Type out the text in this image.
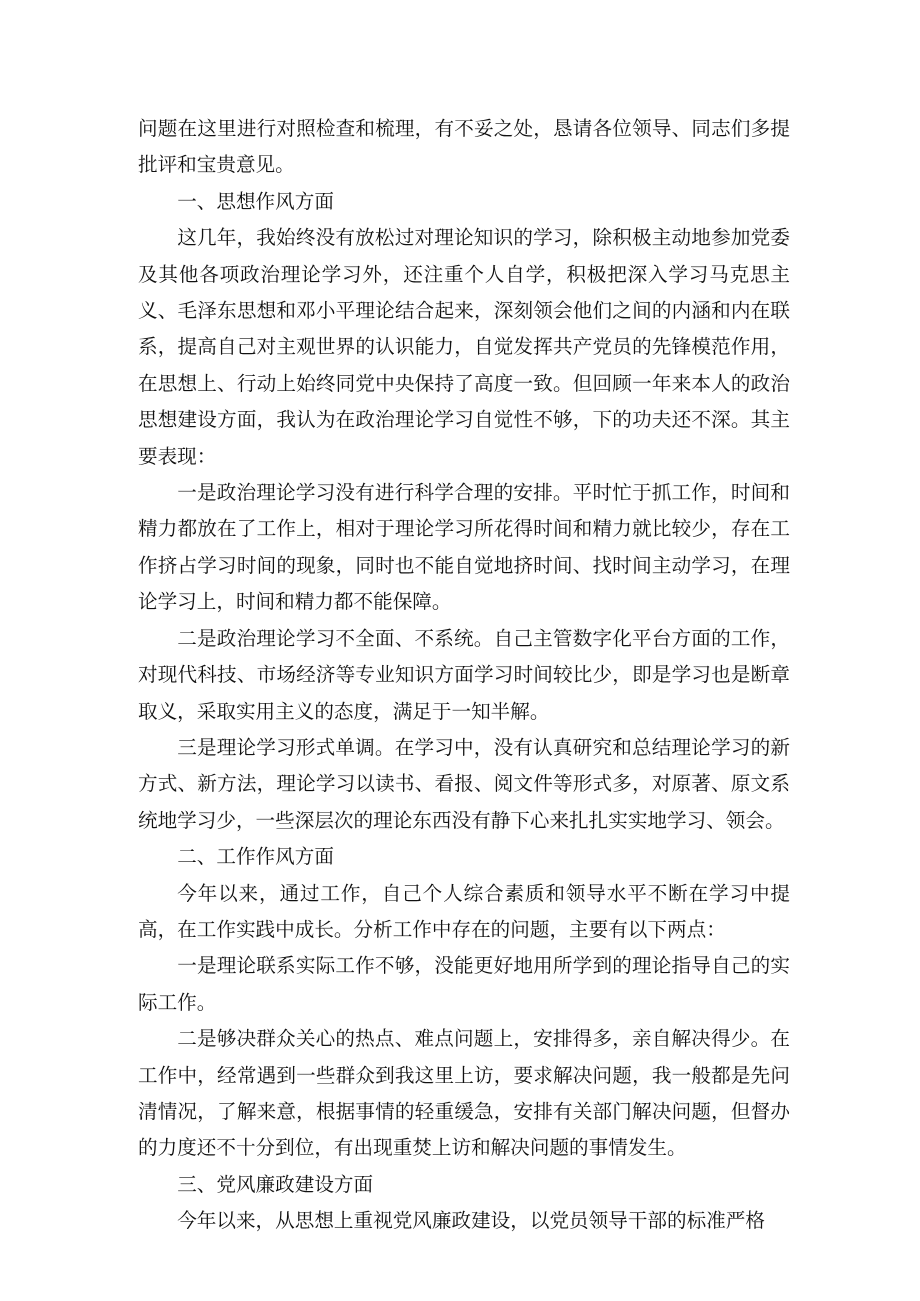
问题在这里进行对照检查和梳理，有不妥之处，恳请各位领导、同志们多提批评和宝贵意见。

一、思想作风方面

这几年，我始终没有放松过对理论知识的学习，除积极主动地参加党委及其他各项政治理论学习外，还注重个人自学，积极把深入学习马克思主义、毛泽东思想和邓小平理论结合起来，深刻领会他们之间的内涵和内在联系，提高自己对主观世界的认识能力，自觉发挥共产党员的先锋模范作用，在思想上、行动上始终同党中央保持了高度一致。但回顾一年来本人的政治思想建设方面，我认为在政治理论学习自觉性不够，下的功夫还不深。其主要表现：

一是政治理论学习没有进行科学合理的安排。平时忙于抓工作，时间和精力都放在了工作上，相对于理论学习所花得时间和精力就比较少，存在工作挤占学习时间的现象，同时也不能自觉地挤时间、找时间主动学习，在理论学习上，时间和精力都不能保障。

二是政治理论学习不全面、不系统。自己主管数字化平台方面的工作，对现代科技、市场经济等专业知识方面学习时间较比少，即是学习也是断章取义，采取实用主义的态度，满足于一知半解。

三是理论学习形式单调。在学习中，没有认真研究和总结理论学习的新方式、新方法，理论学习以读书、看报、阅文件等形式多，对原著、原文系统地学习少，一些深层次的理论东西没有静下心来扎扎实实地学习、领会。

二、工作作风方面

今年以来，通过工作，自己个人综合素质和领导水平不断在学习中提高，在工作实践中成长。分析工作中存在的问题，主要有以下两点：

一是理论联系实际工作不够，没能更好地用所学到的理论指导自己的实际工作。

二是够决群众关心的热点、难点问题上，安排得多，亲自解决得少。在工作中，经常遇到一些群众到我这里上访，要求解决问题，我一般都是先问清情况，了解来意，根据事情的轻重缓急，安排有关部门解决问题，但督办的力度还不十分到位，有出现重焚上访和解决问题的事情发生。

三、党风廉政建设方面

今年以来，从思想上重视党风廉政建设，以党员领导干部的标准严格
